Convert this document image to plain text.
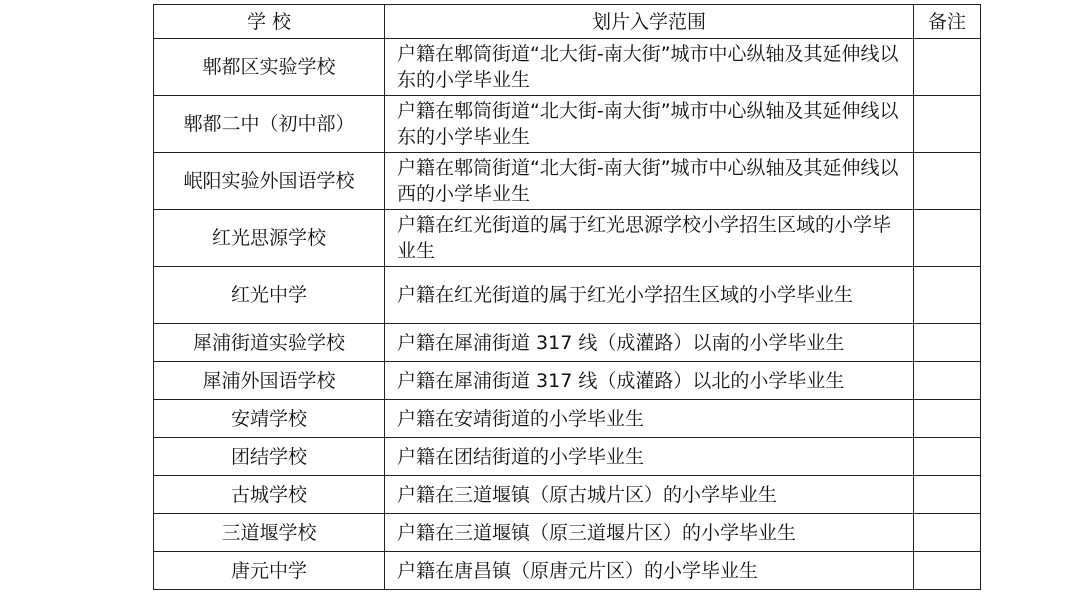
学 校	划片入学范围	备注
郫都区实验学校	户籍在郫筒街道“北大街-南大街”城市中心纵轴及其延伸线以东的小学毕业生	
郫都二中（初中部）	户籍在郫筒街道“北大街-南大街”城市中心纵轴及其延伸线以东的小学毕业生	
岷阳实验外国语学校	户籍在郫筒街道“北大街-南大街”城市中心纵轴及其延伸线以西的小学毕业生	
红光思源学校	户籍在红光街道的属于红光思源学校小学招生区域的小学毕业生	
红光中学	户籍在红光街道的属于红光小学招生区域的小学毕业生	
犀浦街道实验学校	户籍在犀浦街道 317 线（成灌路）以南的小学毕业生	
犀浦外国语学校	户籍在犀浦街道 317 线（成灌路）以北的小学毕业生	
安靖学校	户籍在安靖街道的小学毕业生	
团结学校	户籍在团结街道的小学毕业生	
古城学校	户籍在三道堰镇（原古城片区）的小学毕业生	
三道堰学校	户籍在三道堰镇（原三道堰片区）的小学毕业生	
唐元中学	户籍在唐昌镇（原唐元片区）的小学毕业生	
